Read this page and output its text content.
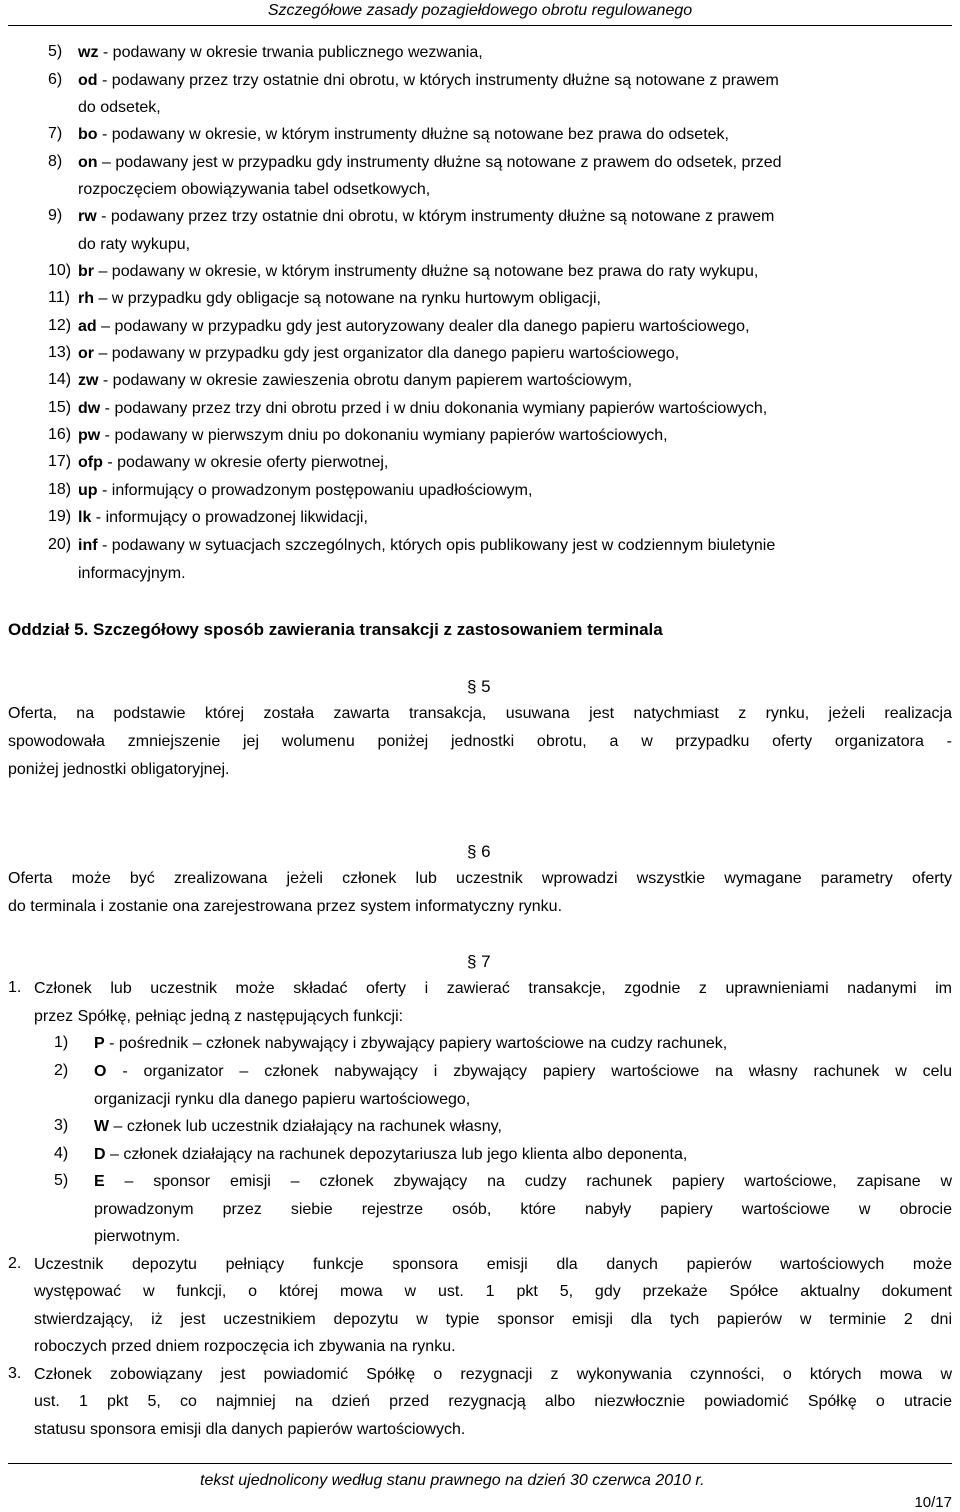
Szczegółowe zasady pozagiełdowego obrotu regulowanego
5) wz - podawany w okresie trwania publicznego wezwania,
6) od - podawany przez trzy ostatnie dni obrotu, w których instrumenty dłużne są notowane z prawem
do odsetek,
7) bo - podawany w okresie, w którym instrumenty dłużne są notowane bez prawa do odsetek,
8) on – podawany jest w przypadku gdy instrumenty dłużne są notowane z prawem do odsetek, przed
rozpoczęciem obowiązywania tabel odsetkowych,
9) rw - podawany przez trzy ostatnie dni obrotu, w którym instrumenty dłużne są notowane z prawem
do raty wykupu,
10) br – podawany w okresie, w którym instrumenty dłużne są notowane bez prawa do raty wykupu,
11) rh – w przypadku gdy obligacje są notowane na rynku hurtowym obligacji,
12) ad – podawany w przypadku gdy jest autoryzowany dealer dla danego papieru wartościowego,
13) or – podawany w przypadku gdy jest organizator dla danego papieru wartościowego,
14) zw - podawany w okresie zawieszenia obrotu danym papierem wartościowym,
15) dw - podawany przez trzy dni obrotu przed i w dniu dokonania wymiany papierów wartościowych,
16) pw - podawany w pierwszym dniu po dokonaniu wymiany papierów wartościowych,
17) ofp - podawany w okresie oferty pierwotnej,
18) up - informujący o prowadzonym postępowaniu upadłościowym,
19) lk - informujący o prowadzonej likwidacji,
20) inf - podawany w sytuacjach szczególnych, których opis publikowany jest w codziennym biuletynie
informacyjnym.
Oddział 5. Szczegółowy sposób zawierania transakcji z zastosowaniem terminala
§ 5
Oferta, na podstawie której została zawarta transakcja, usuwana jest natychmiast z rynku, jeżeli realizacja
spowodowała zmniejszenie jej wolumenu poniżej jednostki obrotu, a w przypadku oferty organizatora -
poniżej jednostki obligatoryjnej.
§ 6
Oferta może być zrealizowana jeżeli członek lub uczestnik wprowadzi wszystkie wymagane parametry oferty
do terminala i zostanie ona zarejestrowana przez system informatyczny rynku.
§ 7
1. Członek lub uczestnik może składać oferty i zawierać transakcje, zgodnie z uprawnieniami nadanymi im
przez Spółkę, pełniąc jedną z następujących funkcji:
1) P - pośrednik – członek nabywający i zbywający papiery wartościowe na cudzy rachunek,
2) O - organizator – członek nabywający i zbywający papiery wartościowe na własny rachunek w celu
organizacji rynku dla danego papieru wartościowego,
3) W – członek lub uczestnik działający na rachunek własny,
4) D – członek działający na rachunek depozytariusza lub jego klienta albo deponenta,
5) E – sponsor emisji – członek zbywający na cudzy rachunek papiery wartościowe, zapisane w
prowadzonym przez siebie rejestrze osób, które nabyły papiery wartościowe w obrocie
pierwotnym.
2. Uczestnik depozytu pełniący funkcje sponsora emisji dla danych papierów wartościowych może
występować w funkcji, o której mowa w ust. 1 pkt 5, gdy przekaże Spółce aktualny dokument
stwierdzający, iż jest uczestnikiem depozytu w typie sponsor emisji dla tych papierów w terminie 2 dni
roboczych przed dniem rozpoczęcia ich zbywania na rynku.
3. Członek zobowiązany jest powiadomić Spółkę o rezygnacji z wykonywania czynności, o których mowa w
ust. 1 pkt 5, co najmniej na dzień przed rezygnacją albo niezwłocznie powiadomić Spółkę o utracie
statusu sponsora emisji dla danych papierów wartościowych.
tekst ujednolicony według stanu prawnego na dzień 30 czerwca 2010 r.
10/17
